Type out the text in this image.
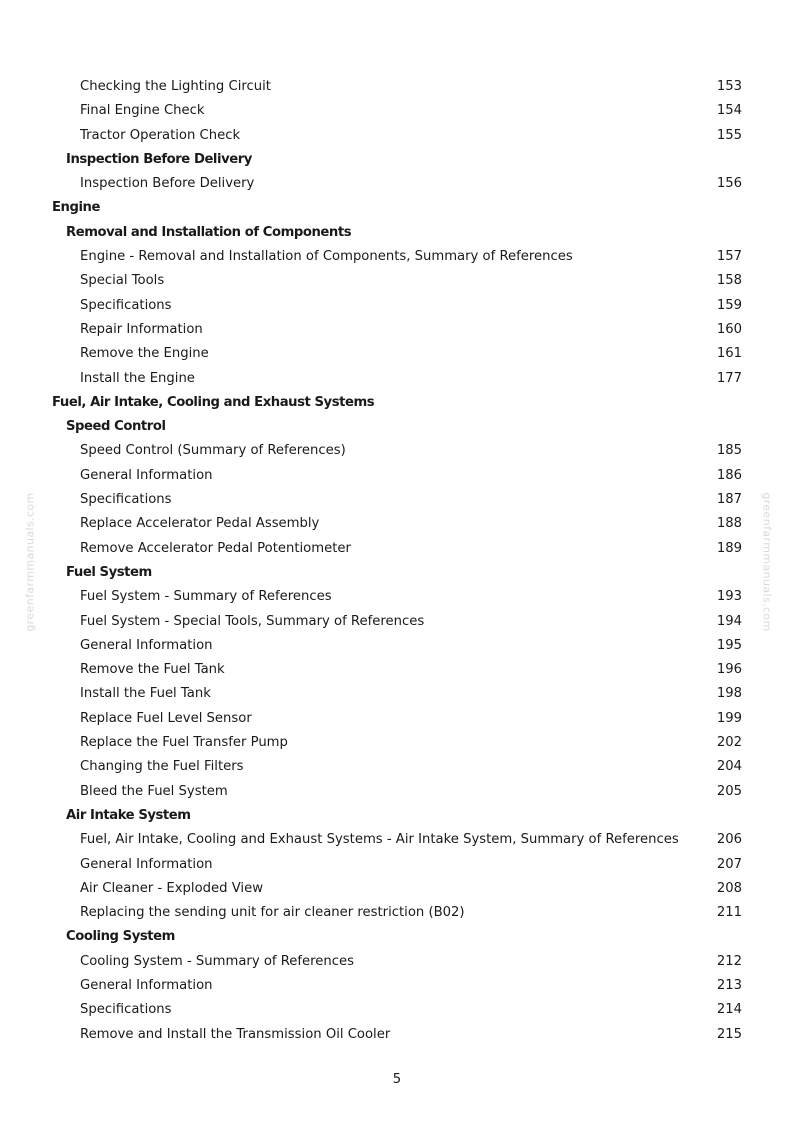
greenfarmmanuals.com	greenfarmmanuals.com
Checking the Lighting Circuit	153
Final Engine Check	154
Tractor Operation Check	155
Inspection Before Delivery
Inspection Before Delivery	156
Engine
Removal and Installation of Components
Engine - Removal and Installation of Components, Summary of References	157
Special Tools	158
Specifications	159
Repair Information	160
Remove the Engine	161
Install the Engine	177
Fuel, Air Intake, Cooling and Exhaust Systems
Speed Control
Speed Control (Summary of References)	185
General Information	186
Specifications	187
Replace Accelerator Pedal Assembly	188
Remove Accelerator Pedal Potentiometer	189
Fuel System
Fuel System - Summary of References	193
Fuel System - Special Tools, Summary of References	194
General Information	195
Remove the Fuel Tank	196
Install the Fuel Tank	198
Replace Fuel Level Sensor	199
Replace the Fuel Transfer Pump	202
Changing the Fuel Filters	204
Bleed the Fuel System	205
Air Intake System
Fuel, Air Intake, Cooling and Exhaust Systems - Air Intake System, Summary of References	206
General Information	207
Air Cleaner - Exploded View	208
Replacing the sending unit for air cleaner restriction (B02)	211
Cooling System
Cooling System - Summary of References	212
General Information	213
Specifications	214
Remove and Install the Transmission Oil Cooler	215
5
